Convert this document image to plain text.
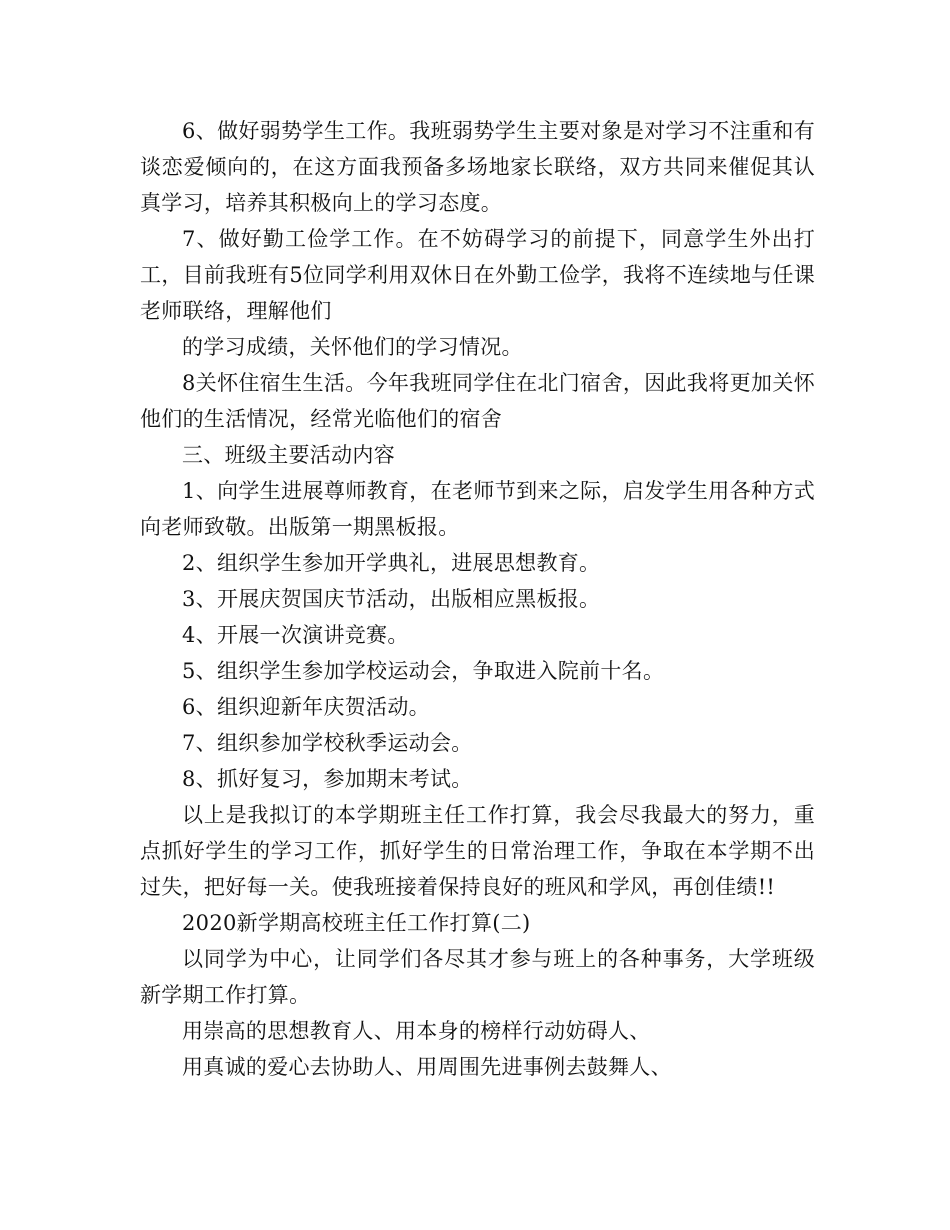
6、做好弱势学生工作。我班弱势学生主要对象是对学习不注重和有谈恋爱倾向的，在这方面我预备多场地家长联络，双方共同来催促其认真学习，培养其积极向上的学习态度。

7、做好勤工俭学工作。在不妨碍学习的前提下，同意学生外出打工，目前我班有5位同学利用双休日在外勤工俭学，我将不连续地与任课老师联络，理解他们

的学习成绩，关怀他们的学习情况。

8关怀住宿生生活。今年我班同学住在北门宿舍，因此我将更加关怀他们的生活情况，经常光临他们的宿舍

三、班级主要活动内容

1、向学生进展尊师教育，在老师节到来之际，启发学生用各种方式向老师致敬。出版第一期黑板报。

2、组织学生参加开学典礼，进展思想教育。

3、开展庆贺国庆节活动，出版相应黑板报。

4、开展一次演讲竞赛。

5、组织学生参加学校运动会，争取进入院前十名。

6、组织迎新年庆贺活动。

7、组织参加学校秋季运动会。

8、抓好复习，参加期末考试。

以上是我拟订的本学期班主任工作打算，我会尽我最大的努力，重点抓好学生的学习工作，抓好学生的日常治理工作，争取在本学期不出过失，把好每一关。使我班接着保持良好的班风和学风，再创佳绩!!

2020新学期高校班主任工作打算(二)

以同学为中心，让同学们各尽其才参与班上的各种事务，大学班级新学期工作打算。

用崇高的思想教育人、用本身的榜样行动妨碍人、

用真诚的爱心去协助人、用周围先进事例去鼓舞人、
